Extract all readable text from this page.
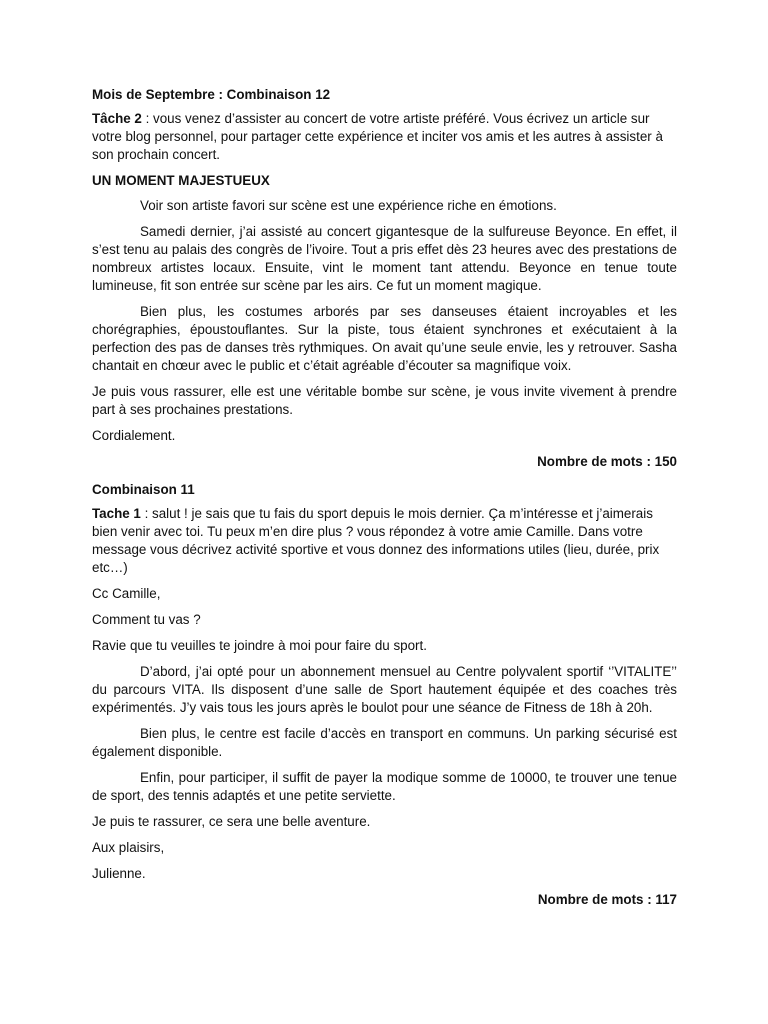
Mois de Septembre : Combinaison 12

Tâche 2 : vous venez d’assister au concert de votre artiste préféré. Vous écrivez un article sur votre blog personnel, pour partager cette expérience et inciter vos amis et les autres à assister à son prochain concert.

UN MOMENT MAJESTUEUX

Voir son artiste favori sur scène est une expérience riche en émotions.

Samedi dernier, j’ai assisté au concert gigantesque de la sulfureuse Beyonce. En effet, il s’est tenu au palais des congrès de l’ivoire. Tout a pris effet dès 23 heures avec des prestations de nombreux artistes locaux. Ensuite, vint le moment tant attendu. Beyonce en tenue toute lumineuse, fit son entrée sur scène par les airs. Ce fut un moment magique.

Bien plus, les costumes arborés par ses danseuses étaient incroyables et les chorégraphies, époustouflantes. Sur la piste, tous étaient synchrones et exécutaient à la perfection des pas de danses très rythmiques. On avait qu’une seule envie, les y retrouver. Sasha chantait en chœur avec le public et c’était agréable d’écouter sa magnifique voix.

Je puis vous rassurer, elle est une véritable bombe sur scène, je vous invite vivement à prendre part à ses prochaines prestations.

Cordialement.

Nombre de mots : 150

Combinaison 11

Tache 1 : salut ! je sais que tu fais du sport depuis le mois dernier. Ça m’intéresse et j’aimerais bien venir avec toi. Tu peux m’en dire plus ? vous répondez à votre amie Camille. Dans votre message vous décrivez activité sportive et vous donnez des informations utiles (lieu, durée, prix etc…)

Cc Camille,

Comment tu vas ?

Ravie que tu veuilles te joindre à moi pour faire du sport.

D’abord, j’ai opté pour un abonnement mensuel au Centre polyvalent sportif ‘’VITALITE’’ du parcours VITA. Ils disposent d’une salle de Sport hautement équipée et des coaches très expérimentés. J’y vais tous les jours après le boulot pour une séance de Fitness de 18h à 20h.

Bien plus, le centre est facile d’accès en transport en communs. Un parking sécurisé est également disponible.

Enfin, pour participer, il suffit de payer la modique somme de 10000, te trouver une tenue de sport, des tennis adaptés et une petite serviette.

Je puis te rassurer, ce sera une belle aventure.

Aux plaisirs,

Julienne.

Nombre de mots : 117
